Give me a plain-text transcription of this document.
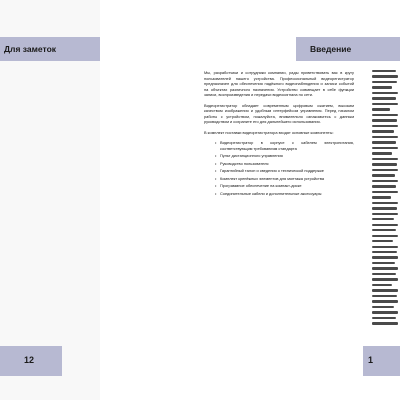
Для заметок
12
Введение

Мы, разработчики и сотрудники компании, рады приветствовать вас в кругу пользователей нашего устройства. Профессиональный видеорегистратор предназначен для обеспечения надёжного видеонаблюдения и записи событий на объектах различного назначения. Устройство совмещает в себе функции записи, воспроизведения и передачи видеосигнала по сети.

Видеорегистратор обладает современным цифровым сжатием, высоким качеством изображения и удобным интерфейсом управления. Перед началом работы с устройством, пожалуйста, внимательно ознакомьтесь с данным руководством и сохраните его для дальнейшего использования.

В комплект поставки видеорегистратора входят основные компоненты:

• Видеорегистратор в корпусе с кабелем электропитания, соответствующим требованиям стандарта
• Пульт дистанционного управления
• Руководство пользователя
• Гарантийный талон и сведения о технической поддержке
• Комплект крепёжных элементов для монтажа устройства
• Программное обеспечение на компакт-диске
• Соединительные кабели и дополнительные аксессуары
1
